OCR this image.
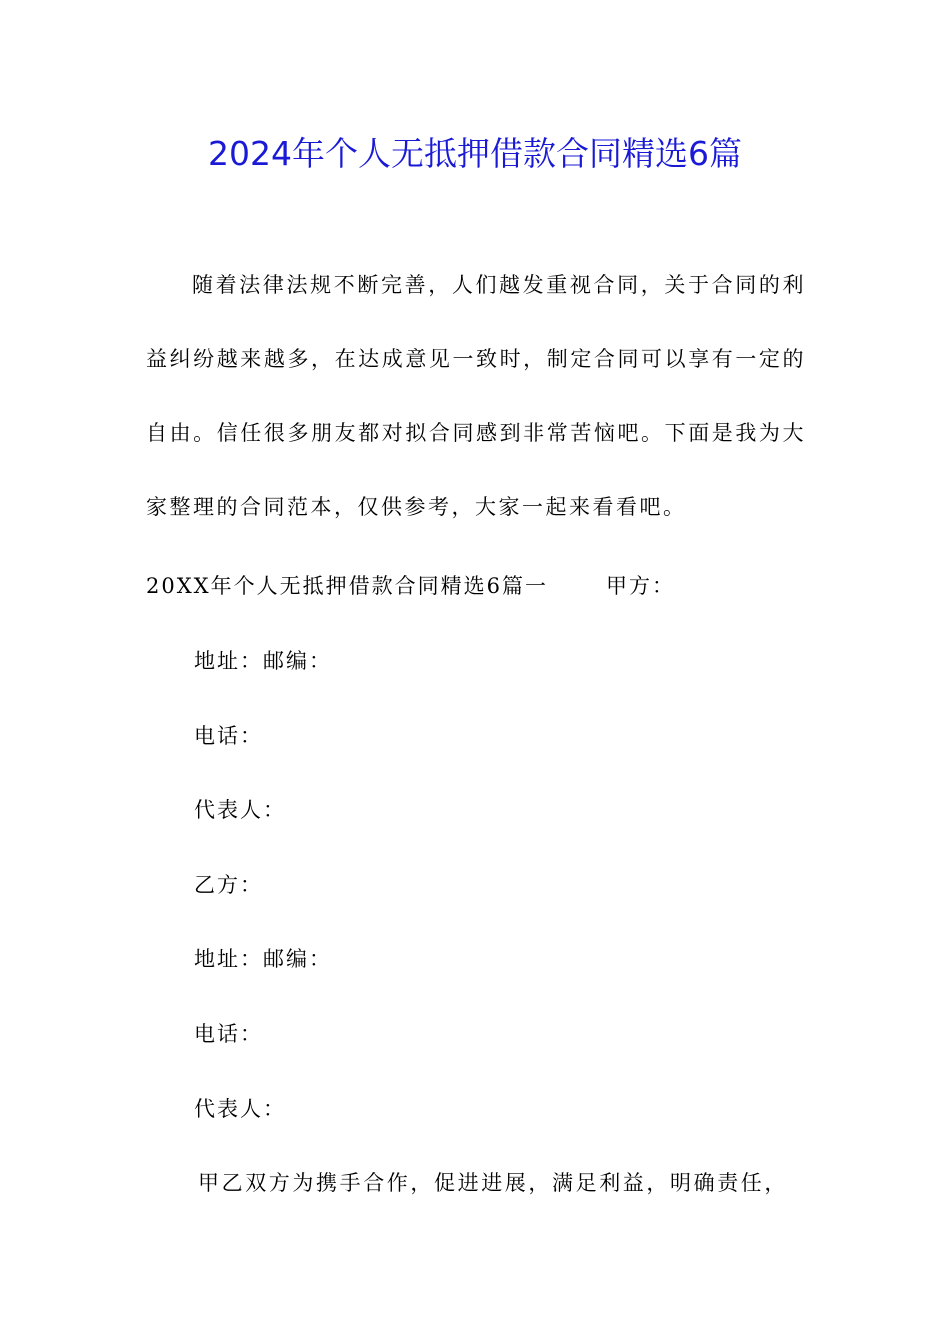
2024年个人无抵押借款合同精选6篇

随着法律法规不断完善，人们越发重视合同，关于合同的利益纠纷越来越多，在达成意见一致时，制定合同可以享有一定的自由。信任很多朋友都对拟合同感到非常苦恼吧。下面是我为大家整理的合同范本，仅供参考，大家一起来看看吧。

20XX年个人无抵押借款合同精选6篇一	甲方：

地址：邮编：

电话：

代表人：

乙方：

地址：邮编：

电话：

代表人：

甲乙双方为携手合作，促进进展，满足利益，明确责任，
